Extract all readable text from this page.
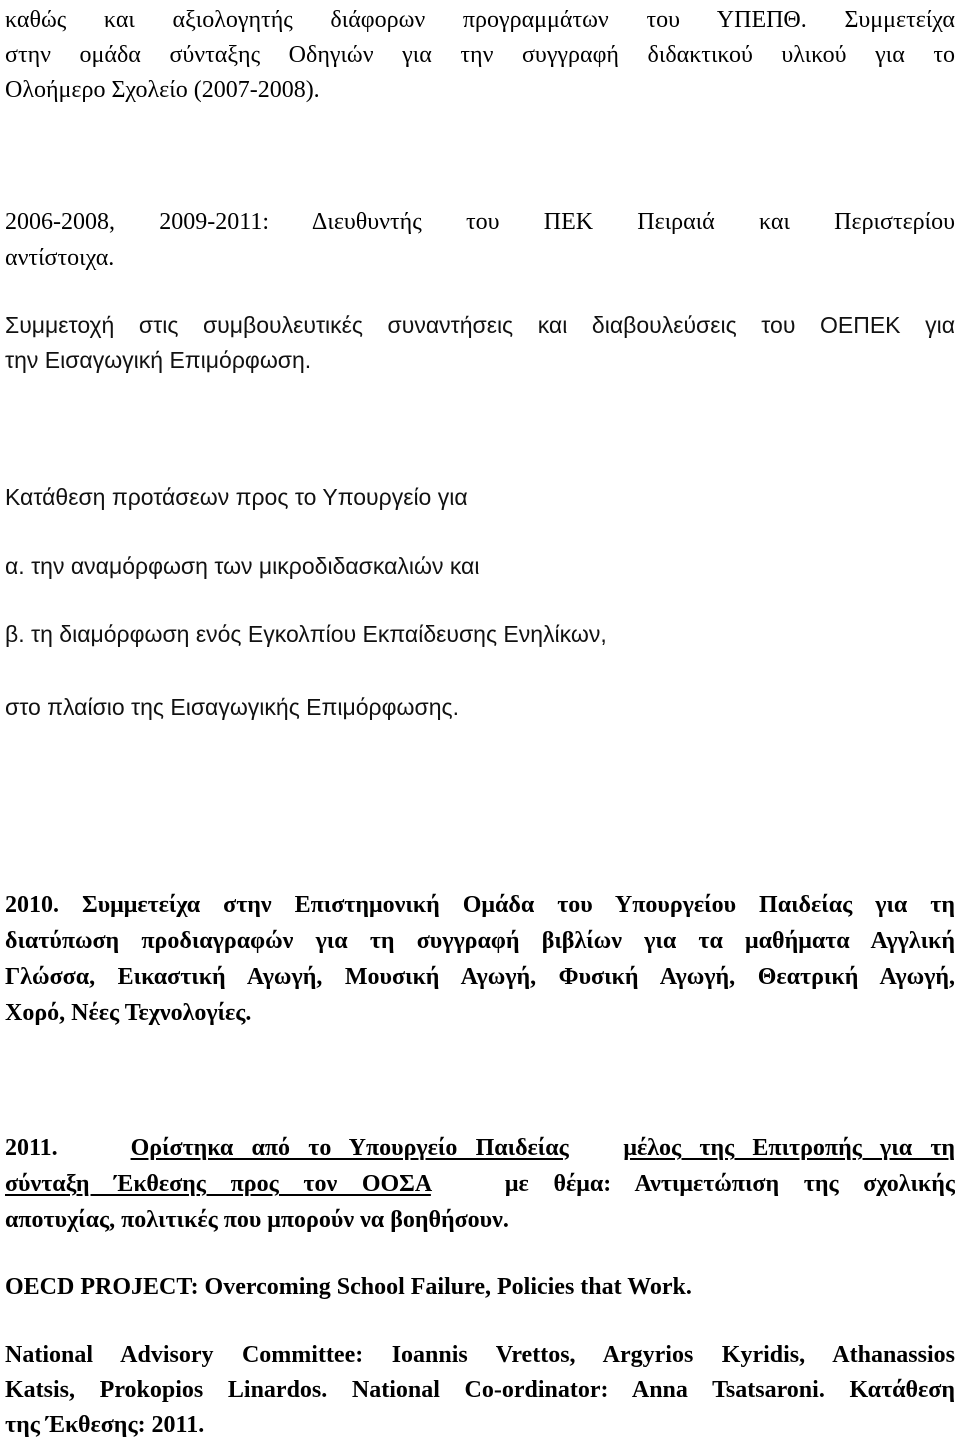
καθώς και αξιολογητής διάφορων προγραμμάτων του ΥΠΕΠΘ. Συμμετείχα
στην ομάδα σύνταξης Οδηγιών για την συγγραφή διδακτικού υλικού για το
Ολοήμερο Σχολείο (2007-2008).
2006-2008, 2009-2011: Διευθυντής του ΠΕΚ Πειραιά και Περιστερίου
αντίστοιχα.
Συμμετοχή στις συμβουλευτικές συναντήσεις και διαβουλεύσεις του ΟΕΠΕΚ για
την Εισαγωγική Επιμόρφωση.
Κατάθεση προτάσεων προς το Υπουργείο για
α. την αναμόρφωση των μικροδιδασκαλιών και
β. τη διαμόρφωση ενός Εγκολπίου Εκπαίδευσης Ενηλίκων,
στο πλαίσιο της Εισαγωγικής Επιμόρφωσης.
2010. Συμμετείχα στην Επιστημονική Ομάδα του Υπουργείου Παιδείας για τη
διατύπωση προδιαγραφών για τη συγγραφή βιβλίων για τα μαθήματα Αγγλική
Γλώσσα, Εικαστική Αγωγή, Μουσική Αγωγή, Φυσική Αγωγή, Θεατρική Αγωγή,
Χορό, Νέες Τεχνολογίες.
2011.	Ορίστηκα από το Υπουργείο Παιδείας μέλος της Επιτροπής για τη
σύνταξη Έκθεσης προς τον ΟΟΣΑ	με θέμα: Αντιμετώπιση της σχολικής
αποτυχίας, πολιτικές που μπορούν να βοηθήσουν.
OECD PROJECT: Overcoming School Failure, Policies that Work.
National Advisory Committee: Ioannis Vrettos, Argyrios Kyridis, Athanassios
Katsis, Prokopios Linardos. National Co-ordinator: Anna Tsatsaroni. Κατάθεση
της Έκθεσης: 2011.
